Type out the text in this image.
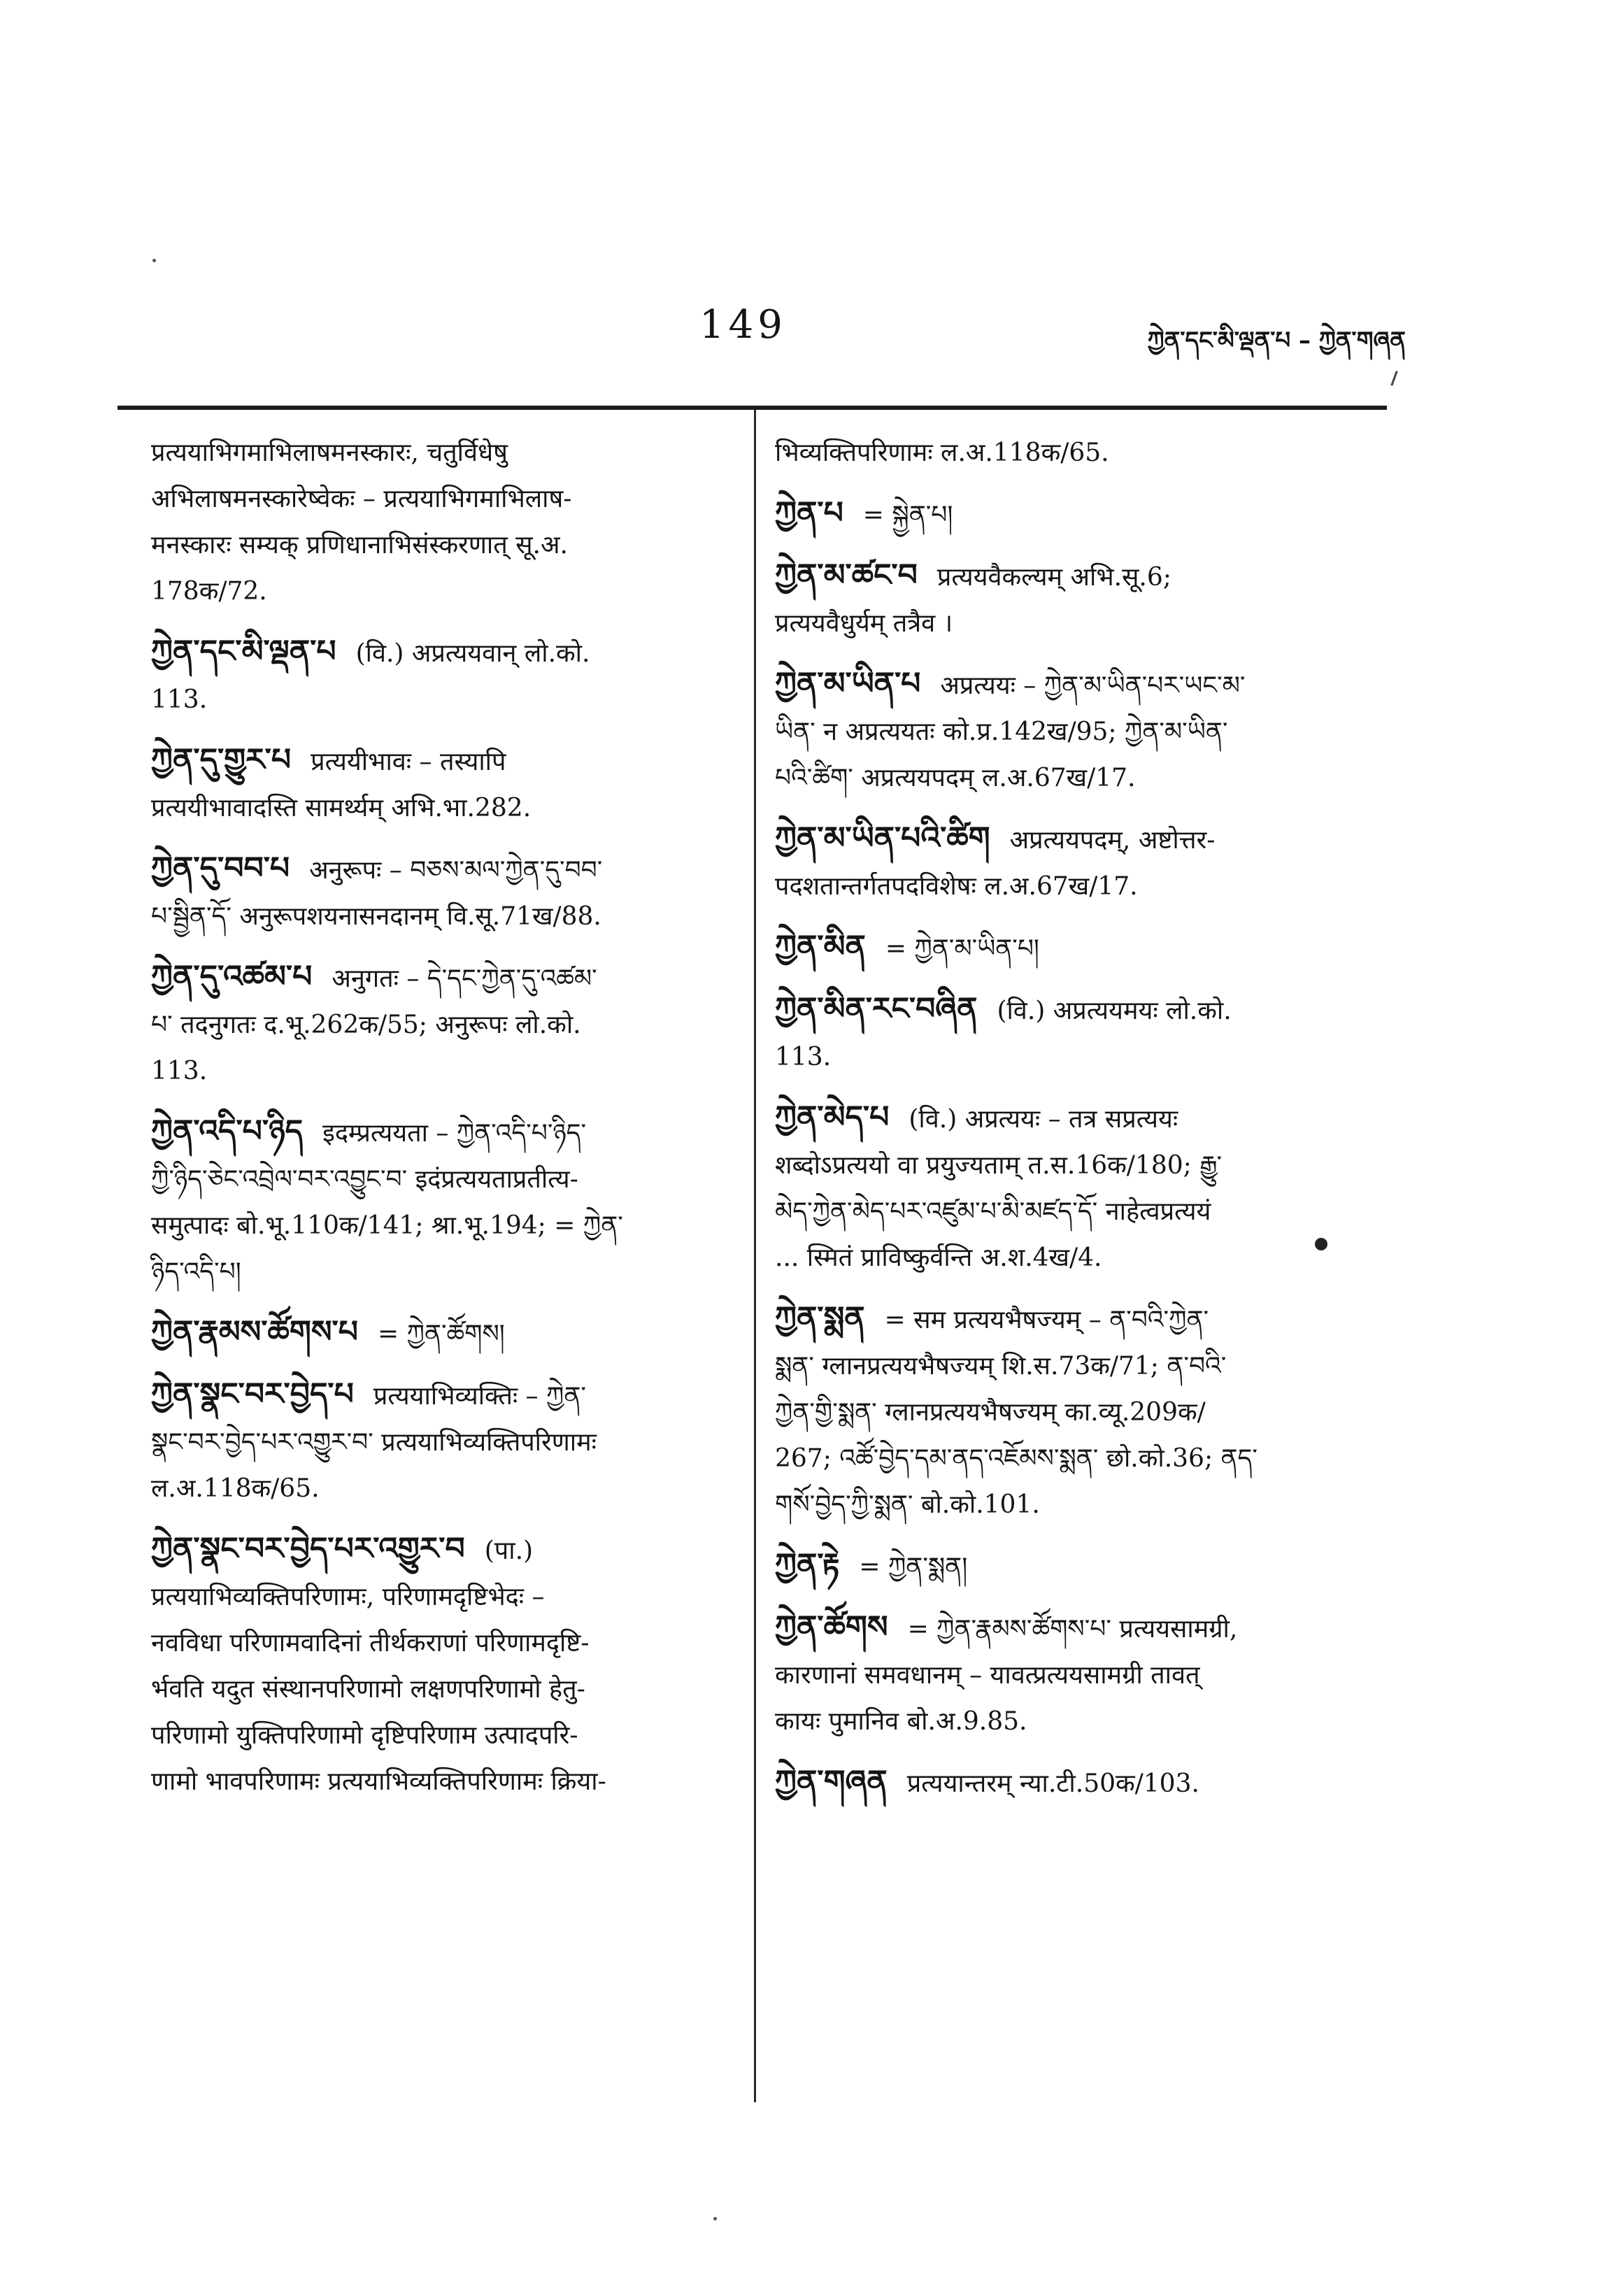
149	ཀྱེན་དང་མི་ལྡན་པ – ཀྱེན་གཞན

प्रत्ययाभिगमाभिलाषमनस्कारः, चतुर्विधेषु

अभिलाषमनस्कारेष्वेकः – प्रत्ययाभिगमाभिलाष-

मनस्कारः सम्यक् प्रणिधानाभिसंस्करणात् सू.अ.

178क/72.

ཀྱེན་དང་མི་ལྡན་པ (वि.) अप्रत्ययवान् लो.को.

113.

ཀྱེན་དུ་གྱུར་པ प्रत्ययीभावः – तस्यापि

प्रत्ययीभावादस्ति सामर्थ्यम् अभि.भा.282.

ཀྱེན་དུ་བབ་པ अनुरूपः – བཅས་མལ་ཀྱེན་དུ་བབ་

པ་སྦྱིན་དོ་ अनुरूपशयनासनदानम् वि.सू.71ख/88.

ཀྱེན་དུ་འཚམ་པ अनुगतः – དེ་དང་ཀྱེན་དུ་འཚམ་

པ་ तदनुगतः द.भू.262क/55; अनुरूपः लो.को.

113.

ཀྱེན་འདི་པ་ཉིད इदम्प्रत्ययता – ཀྱེན་འདི་པ་ཉིད་

ཀྱི་ཉིད་ཅེང་འབྲེལ་བར་འབྱུང་བ་ इदंप्रत्ययताप्रतीत्य-

समुत्पादः बो.भू.110क/141; श्रा.भू.194; = ཀྱེན་

ཉིད་འདི་པ།

ཀྱེན་རྣམས་ཚོགས་པ = ཀྱེན་ཚོགས།

ཀྱེན་སྣང་བར་བྱེད་པ प्रत्ययाभिव्यक्तिः – ཀྱེན་

སྣང་བར་བྱེད་པར་འགྱུར་བ་ प्रत्ययाभिव्यक्तिपरिणामः

ल.अ.118क/65.

ཀྱེན་སྣང་བར་བྱེད་པར་འགྱུར་བ (पा.)

प्रत्ययाभिव्यक्तिपरिणामः, परिणामदृष्टिभेदः –

नवविधा परिणामवादिनां तीर्थकराणां परिणामदृष्टि-

र्भवति यदुत संस्थानपरिणामो लक्षणपरिणामो हेतु-

परिणामो युक्तिपरिणामो दृष्टिपरिणाम उत्पादपरि-

णामो भावपरिणामः प्रत्ययाभिव्यक्तिपरिणामः क्रिया-

भिव्यक्तिपरिणामः ल.अ.118क/65.

ཀྱེན་པ = སྐྱེན་པ།

ཀྱེན་མ་ཚང་བ प्रत्ययवैकल्यम् अभि.सू.6;

प्रत्ययवैधुर्यम् तत्रैव ।

ཀྱེན་མ་ཡིན་པ अप्रत्ययः – ཀྱེན་མ་ཡིན་པར་ཡང་མ་

ཡིན་ न अप्रत्ययतः को.प्र.142ख/95; ཀྱེན་མ་ཡིན་

པའི་ཚིག་ अप्रत्ययपदम् ल.अ.67ख/17.

ཀྱེན་མ་ཡིན་པའི་ཚིག अप्रत्ययपदम्, अष्टोत्तर-

पदशतान्तर्गतपदविशेषः ल.अ.67ख/17.

ཀྱེན་མིན = ཀྱེན་མ་ཡིན་པ།

ཀྱེན་མིན་རང་བཞིན (वि.) अप्रत्ययमयः लो.को.

113.

ཀྱེན་མེད་པ (वि.) अप्रत्ययः – तत्र सप्रत्ययः

शब्दोऽप्रत्ययो वा प्रयुज्यताम् त.स.16क/180; རྒྱུ་

མེད་ཀྱེན་མེད་པར་འཛུམ་པ་མི་མཛད་དོ་ नाहेत्वप्रत्ययं

... स्मितं प्राविष्कुर्वन्ति अ.श.4ख/4.

ཀྱེན་སྨན = सम प्रत्ययभैषज्यम् – ན་བའི་ཀྱེན་

སྨན་ ग्लानप्रत्ययभैषज्यम् शि.स.73क/71; ན་བའི་

ཀྱེན་གྱི་སྨན་ ग्लानप्रत्ययभैषज्यम् का.व्यू.209क/

267; འཚོ་བྱེད་དམ་ནད་འཇོམས་སྨན་ छो.को.36; ནད་

གསོ་བྱེད་ཀྱི་སྨན་ बो.को.101.

ཀྱེན་རྟེ = ཀྱེན་སྨན།

ཀྱེན་ཚོགས = ཀྱེན་རྣམས་ཚོགས་པ་ प्रत्ययसामग्री,

कारणानां समवधानम् – यावत्प्रत्ययसामग्री तावत्

कायः पुमानिव बो.अ.9.85.

ཀྱེན་གཞན प्रत्ययान्तरम् न्या.टी.50क/103.
